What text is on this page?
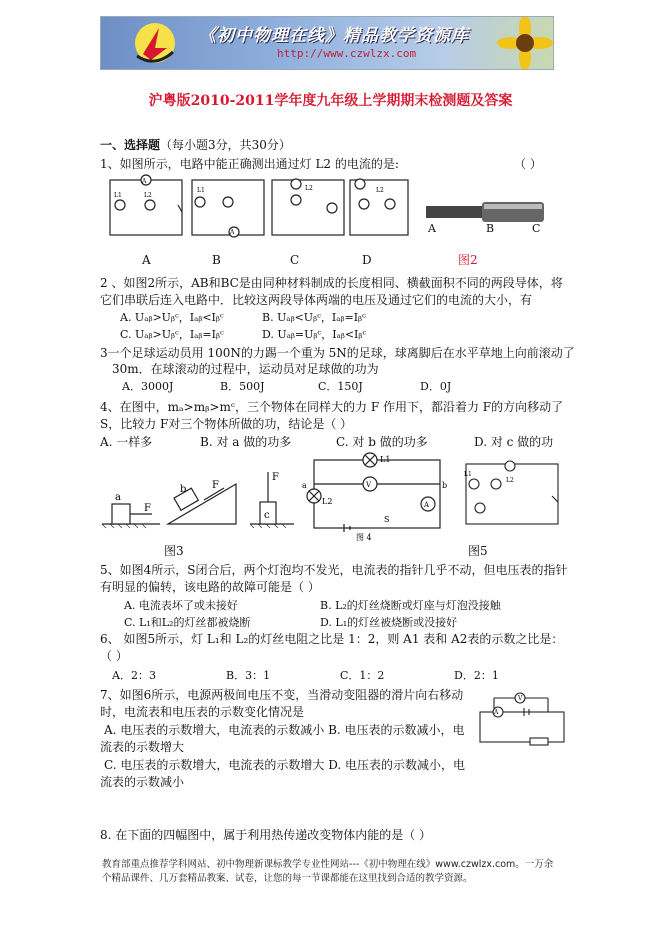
《初中物理在线》精品教学资源库
http://www.czwlzx.com
沪粤版2010-2011学年度九年级上学期期末检测题及答案
一、选择题（每小题3分，共30分）
1、如图所示，电路中能正确测出通过灯 L2 的电流的是:	（ ）
A
L1	L2
L1
A
L2	L2
A	B	C
A	B	C	D	图2
2 、如图2所示，AB和BC是由同种材料制成的长度相同、横截面积不同的两段导体，将
它们串联后连入电路中．比较这两段导体两端的电压及通过它们的电流的大小，有
A. Uₐᵦ>Uᵦᶜ，Iₐᵦ<Iᵦᶜ	B. Uₐᵦ<Uᵦᶜ，Iₐᵦ=Iᵦᶜ
C. Uₐᵦ>Uᵦᶜ，Iₐᵦ=Iᵦᶜ	D. Uₐᵦ=Uᵦᶜ，Iₐᵦ<Iᵦᶜ
3一个足球运动员用 100N的力踢一个重为 5N的足球，球离脚后在水平草地上向前滚动了
30m．在球滚动的过程中，运动员对足球做的功为
A．3000J	B．500J	C．150J	D．0J
4、在图中，mₐ>mᵦ>mᶜ，三个物体在同样大的力 F 作用下，都沿着力 F的方向移动了
S，比较力 F对三个物体所做的功，结论是（ ）
A. 一样多	B. 对 a 做的功多	C. 对 b 做的功多	D. 对 c 做的功
a
F
b	F
F
c
L1
V
A
a
L2
b
S
图 4
L1
L2
图3	图5
5、如图4所示，S闭合后，两个灯泡均不发光，电流表的指针几乎不动，但电压表的指针
有明显的偏转，该电路的故障可能是（ ）
A. 电流表坏了或未接好	B. L₂的灯丝烧断或灯座与灯泡没接触
C. L₁和L₂的灯丝都被烧断	D. L₁的灯丝被烧断或没接好
6、 如图5所示，灯 L₁和 L₂的灯丝电阻之比是 1：2，则 A1 表和 A2表的示数之比是：
（ ）
A．2：3	B．3：1	C．1：2	D．2：1
7、如图6所示，电源两极间电压不变，当滑动变阻器的滑片向右移动
时，电流表和电压表的示数变化情况是
A. 电压表的示数增大，电流表的示数减小 B. 电压表的示数减小，电
流表的示数增大
C. 电压表的示数增大，电流表的示数增大 D. 电压表的示数减小，电
流表的示数减小
V
A
8. 在下面的四幅图中，属于利用热传递改变物体内能的是（ ）
教育部重点推荐学科网站、初中物理新课标教学专业性网站---《初中物理在线》www.czwlzx.com。一万余
个精品课件、几万套精品教案、试卷，让您的每一节课都能在这里找到合适的教学资源。
